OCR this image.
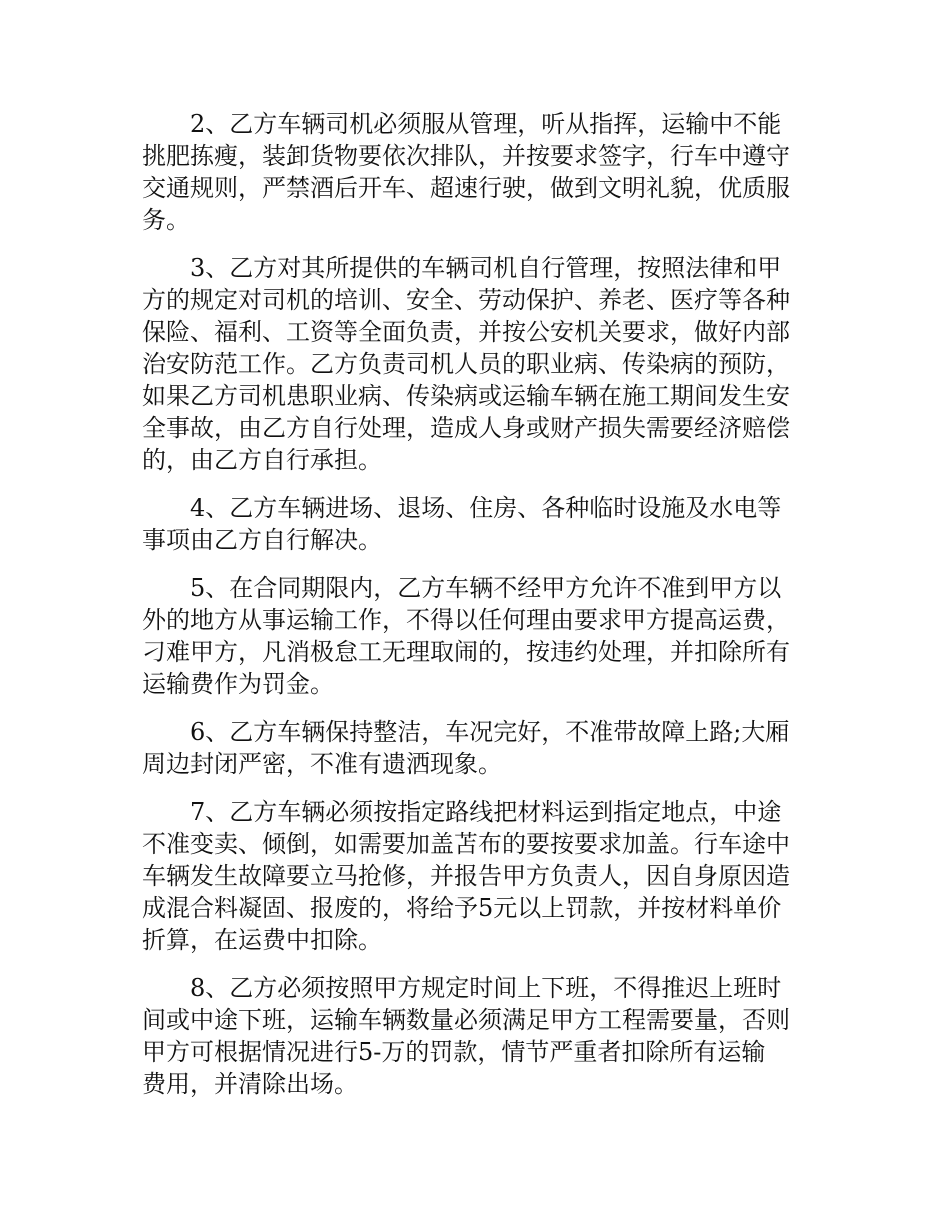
　　2、乙方车辆司机必须服从管理，听从指挥，运输中不能
挑肥拣瘦，装卸货物要依次排队，并按要求签字，行车中遵守
交通规则，严禁酒后开车、超速行驶，做到文明礼貌，优质服
务。

　　3、乙方对其所提供的车辆司机自行管理，按照法律和甲
方的规定对司机的培训、安全、劳动保护、养老、医疗等各种
保险、福利、工资等全面负责，并按公安机关要求，做好内部
治安防范工作。乙方负责司机人员的职业病、传染病的预防，
如果乙方司机患职业病、传染病或运输车辆在施工期间发生安
全事故，由乙方自行处理，造成人身或财产损失需要经济赔偿
的，由乙方自行承担。

　　4、乙方车辆进场、退场、住房、各种临时设施及水电等
事项由乙方自行解决。

　　5、在合同期限内，乙方车辆不经甲方允许不准到甲方以
外的地方从事运输工作，不得以任何理由要求甲方提高运费，
刁难甲方，凡消极怠工无理取闹的，按违约处理，并扣除所有
运输费作为罚金。

　　6、乙方车辆保持整洁，车况完好，不准带故障上路;大厢
周边封闭严密，不准有遗洒现象。

　　7、乙方车辆必须按指定路线把材料运到指定地点，中途
不准变卖、倾倒，如需要加盖苫布的要按要求加盖。行车途中
车辆发生故障要立马抢修，并报告甲方负责人，因自身原因造
成混合料凝固、报废的，将给予5元以上罚款，并按材料单价
折算，在运费中扣除。

　　8、乙方必须按照甲方规定时间上下班，不得推迟上班时
间或中途下班，运输车辆数量必须满足甲方工程需要量，否则
甲方可根据情况进行5-万的罚款，情节严重者扣除所有运输
费用，并清除出场。
